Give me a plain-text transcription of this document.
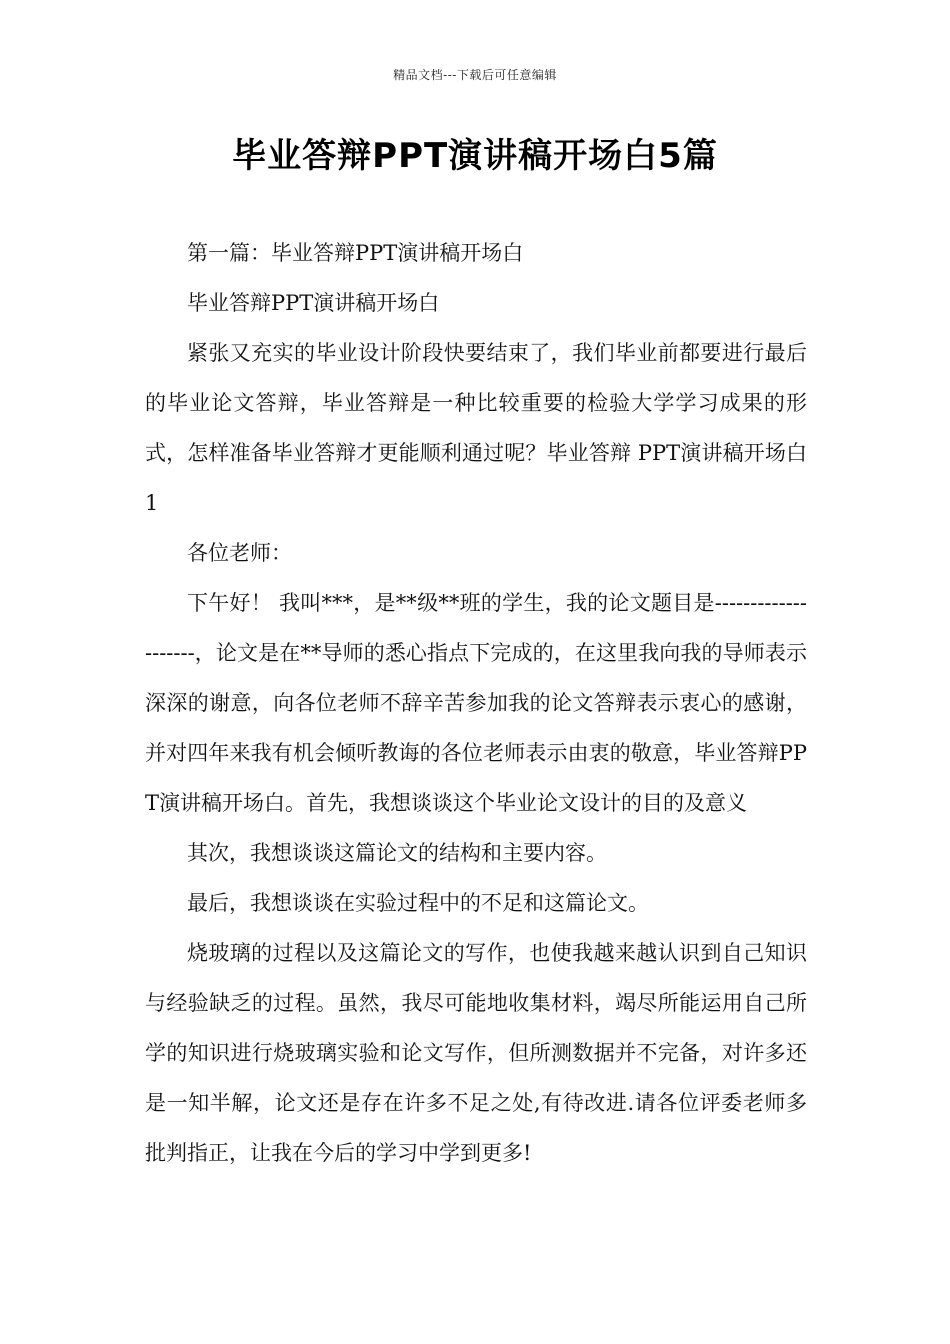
精品文档---下载后可任意编辑
毕业答辩PPT演讲稿开场白5篇

第一篇：毕业答辩PPT演讲稿开场白

毕业答辩PPT演讲稿开场白

紧张又充实的毕业设计阶段快要结束了，我们毕业前都要进行最后的毕业论文答辩，毕业答辩是一种比较重要的检验大学学习成果的形式，怎样准备毕业答辩才更能顺利通过呢？毕业答辩 PPT演讲稿开场白 1

各位老师：

下午好！ 我叫***，是**级**班的学生，我的论文题目是--------------------，论文是在**导师的悉心指点下完成的，在这里我向我的导师表示深深的谢意，向各位老师不辞辛苦参加我的论文答辩表示衷心的感谢，并对四年来我有机会倾听教诲的各位老师表示由衷的敬意，毕业答辩PPT演讲稿开场白。首先，我想谈谈这个毕业论文设计的目的及意义

其次，我想谈谈这篇论文的结构和主要内容。

最后，我想谈谈在实验过程中的不足和这篇论文。

烧玻璃的过程以及这篇论文的写作，也使我越来越认识到自己知识与经验缺乏的过程。虽然，我尽可能地收集材料，竭尽所能运用自己所学的知识进行烧玻璃实验和论文写作，但所测数据并不完备，对许多还是一知半解，论文还是存在许多不足之处,有待改进.请各位评委老师多批判指正，让我在今后的学习中学到更多!
